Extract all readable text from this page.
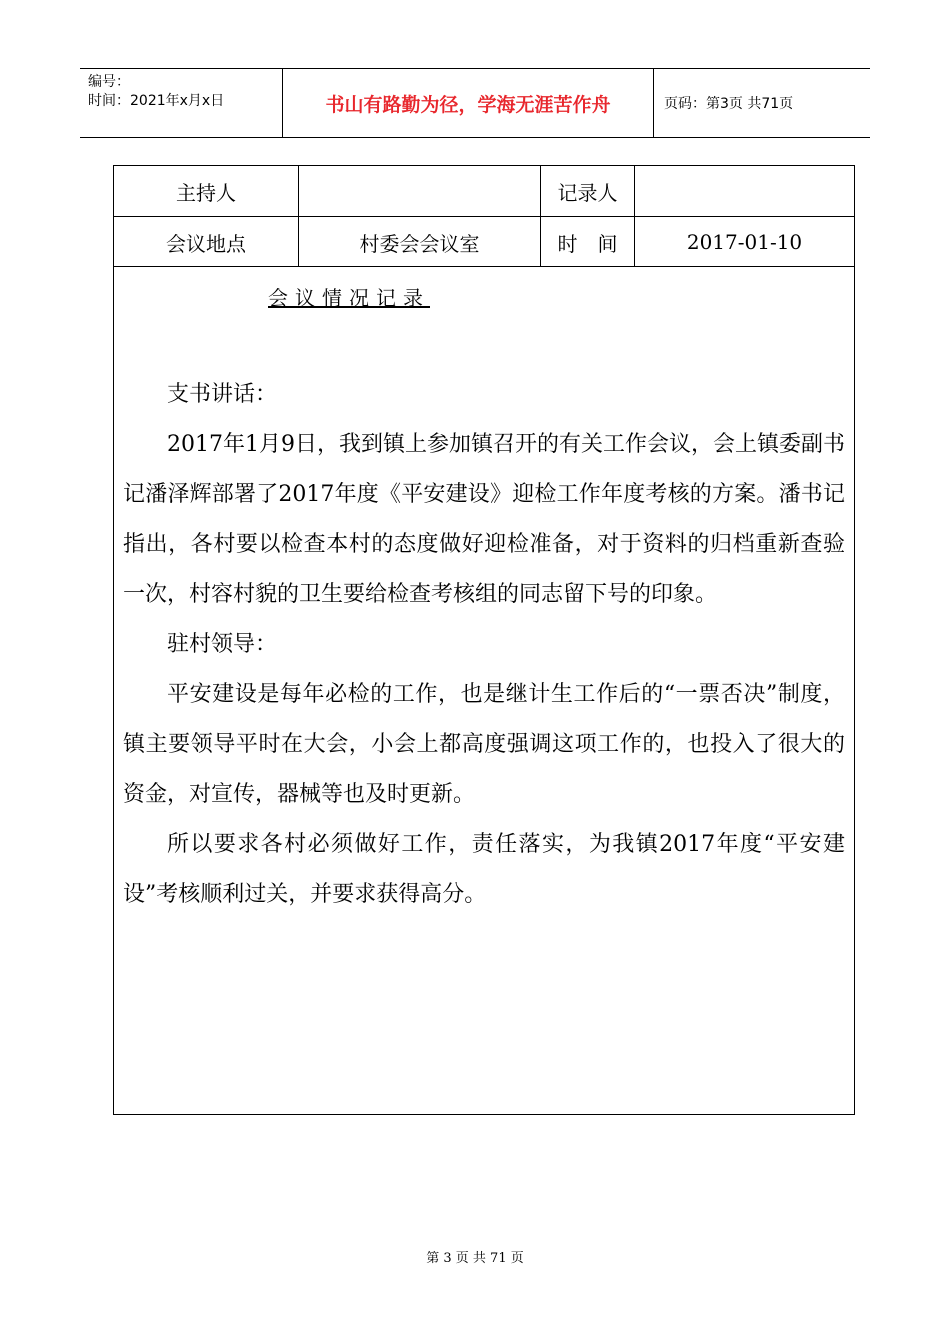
编号：
时间：2021年x月x日	书山有路勤为径，学海无涯苦作舟	页码：第3页 共71页
主持人	记录人
会议地点	村委会会议室	时　间	2017-01-10
会议情况记录

支书讲话：

2017年1月9日，我到镇上参加镇召开的有关工作会议，会上镇委副书记潘泽辉部署了2017年度《平安建设》迎检工作年度考核的方案。潘书记指出，各村要以检查本村的态度做好迎检准备，对于资料的归档重新查验一次，村容村貌的卫生要给检查考核组的同志留下号的印象。

驻村领导：

平安建设是每年必检的工作，也是继计生工作后的“一票否决”制度，镇主要领导平时在大会，小会上都高度强调这项工作的，也投入了很大的资金，对宣传，器械等也及时更新。

所以要求各村必须做好工作，责任落实，为我镇2017年度“平安建设”考核顺利过关，并要求获得高分。

第 3 页 共 71 页
